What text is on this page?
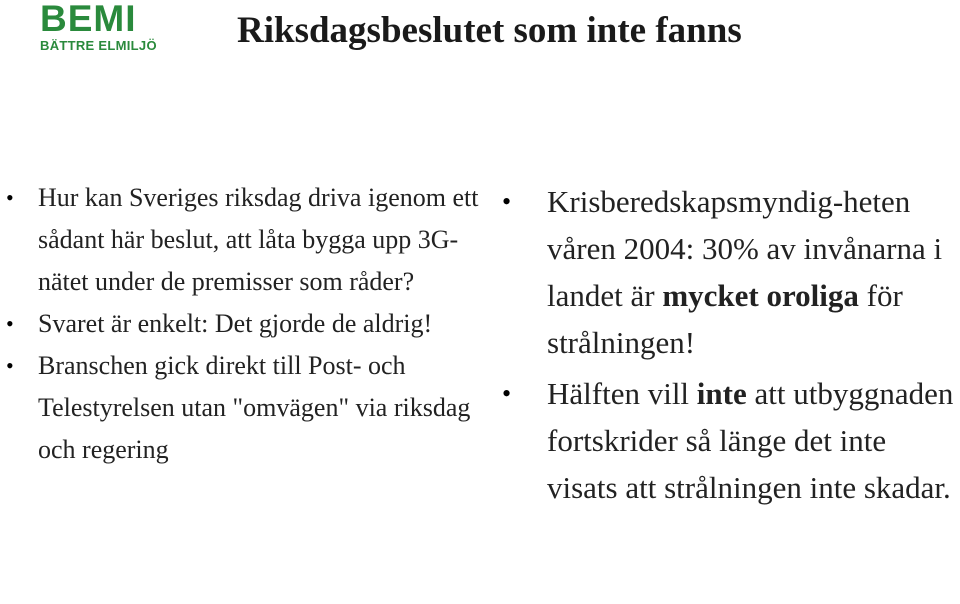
BEMI
BÄTTRE ELMILJÖ	Riksdagsbeslutet som inte fanns
• Hur kan Sveriges riksdag driva igenom ett sådant här beslut, att låta bygga upp 3G-nätet under de premisser som råder?
• Svaret är enkelt: Det gjorde de aldrig!
• Branschen gick direkt till Post- och Telestyrelsen utan "omvägen" via riksdag och regering
• Krisberedskapsmyndig-heten våren 2004: 30% av invånarna i landet är mycket oroliga för strålningen!
• Hälften vill inte att utbyggnaden fortskrider så länge det inte visats att strålningen inte skadar.
